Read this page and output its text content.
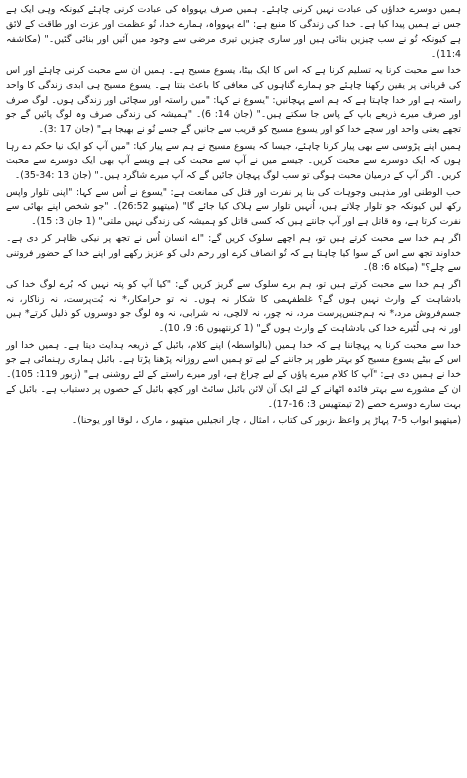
ہمیں دوسرے خداؤں کی عبادت نہیں کرنی چاہئے۔ ہمیں صرف یہوواہ کی عبادت کرنی چاہئے کیونکہ وہی ایک ہے جس نے ہمیں پیدا کیا ہے۔ خدا کی زندگی کا منبع ہے: "اے یہوواہ، ہمارے خدا، تُو عظمت اور عزت اور طاقت کے لائق ہے کیونکہ تُو نے سب چیزیں بنائی ہیں اور ساری چیزیں تیری مرضی سے وجود میں آئیں اور بنائی گئیں۔" (مکاشفہ 11:4)۔

خدا سے محبت کرنا یہ تسلیم کرنا ہے کہ اس کا ایک بیٹا، یسوع مسیح ہے۔ ہمیں ان سے محبت کرنی چاہئے اور اس کی قربانی پر یقین رکھنا چاہئے جو ہمارے گناہوں کی معافی کا باعث بنتا ہے۔ یسوع مسیح ہی ابدی زندگی کا واحد راستہ ہے اور خدا چاہتا ہے کہ ہم اسے پہچانیں: "یسوع نے کہا: "میں راستہ اور سچائی اور زندگی ہوں۔ لوگ صرف اور صرف میرے ذریعے باپ کے پاس جا سکتے ہیں۔" (جان 14: 6)۔ "ہمیشہ کی زندگی صرف وہ لوگ پائیں گے جو تجھے یعنی واحد اور سچے خدا کو اور یسوع مسیح کو قریب سے جانیں گے جسے تُو نے بھیجا ہے" (جان 17 :3)۔

ہمیں اپنے پڑوسی سے بھی پیار کرنا چاہئے، جیسا کہ یسوع مسیح نے ہم سے پیار کیا: "میں آپ کو ایک نیا حکم دے رہا ہوں کہ ایک دوسرے سے محبت کریں۔ جیسے میں نے آپ سے محبت کی ہے ویسے آپ بھی ایک دوسرے سے محبت کریں۔ اگر آپ کے درمیان محبت ہوگی تو سب لوگ پہچان جائیں گے کہ آپ میرے شاگرد ہیں۔" (جان 13 :34-35)۔

حب الوطنی اور مذہبی وجوہات کی بنا پر نفرت اور قتل کی ممانعت ہے: "یسوع نے اُس سے کہا: "اپنی تلوار واپس رکھ لیں کیونکہ جو تلوار چلاتے ہیں، اُنہیں تلوار سے ہلاک کیا جائے گا" (میتھیو 26:52)۔ "جو شخص اپنے بھائی سے نفرت کرتا ہے، وہ قاتل ہے اور آپ جانتے ہیں کہ کسی قاتل کو ہمیشہ کی زندگی نہیں ملتی" (1 جان 3: 15)۔

اگر ہم خدا سے محبت کرتے ہیں تو، ہم اچھے سلوک کریں گے: "اے انسان اُس نے تجھ پر نیکی ظاہر کر دی ہے۔ خداوند تجھ سے اس کے سوا کیا چاہتا ہے کہ تُو انصاف کرے اور رحم دلی کو عزیز رکھے اور اپنے خدا کے حضور فروتنی سے چلے؟" (میکاہ 6: 8)۔

اگر ہم خدا سے محبت کرتے ہیں تو، ہم برے سلوک سے گریز کریں گے: "کیا آپ کو پتہ نہیں کہ بُرے لوگ خدا کی بادشاہت کے وارث نہیں ہوں گے؟ غلطفہمی کا شکار نہ ہوں۔ نہ تو حرامکار،* نہ بُت‌پرست، نہ زناکار، نہ جسم‌فروش مرد،* نہ ہم‌جنس‌پرست مرد، نہ چور، نہ لالچی، نہ شرابی، نہ وہ لوگ جو دوسروں کو ذلیل کرتے* ہیں اور نہ ہی لُٹیرے خدا کی بادشاہت کے وارث ہوں گے" (1 کرنتھیوں 6: 9، 10)۔

خدا سے محبت کرنا یہ پہچاننا ہے کہ خدا ہمیں (بالواسطہ) اپنے کلام، بائبل کے ذریعہ ہدایت دیتا ہے۔ ہمیں خدا اور اس کے بیٹے یسوع مسیح کو بہتر طور پر جاننے کے لیے تو ہمیں اسے روزانہ پڑھنا پڑتا ہے۔ بائبل ہماری رہنمائی ہے جو خدا نے ہمیں دی ہے: "آپ کا کلام میرے پاؤں کے لیے چراغ ہے، اور میرے راستے کے لئے روشنی ہے" (زبور 119: 105)۔ ان کے مشورے سے بہتر فائدہ اٹھانے کے لئے ایک آن لائن بائبل سائٹ اور کچھ بائبل کے حصوں پر دستیاب ہے۔ بائبل کے بہت سارے دوسرے حصے (2 تیمتھیس 3: 16-17)۔

(میتھیو ابواب 5-7 پہاڑ پر واعظ ،زبور کی کتاب ، امثال ، چار انجیلیں میتھیو ، مارک ، لوقا اور یوحنا)۔
